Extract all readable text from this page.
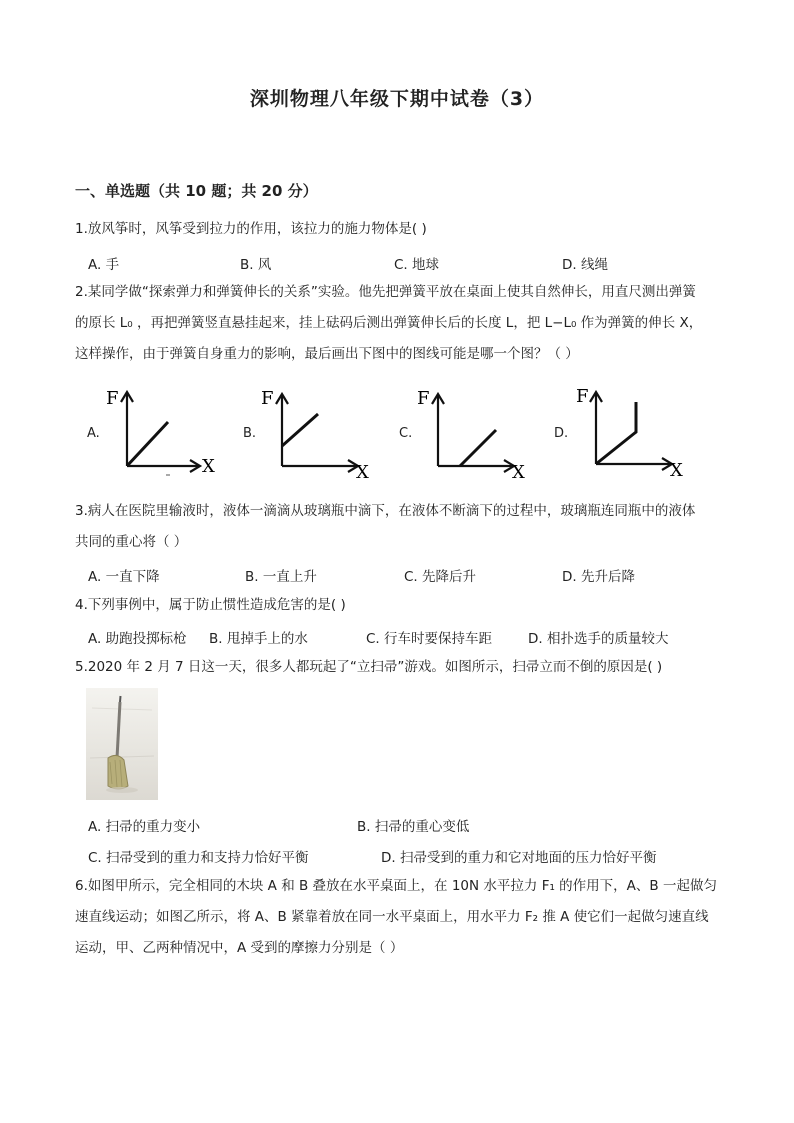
深圳物理八年级下期中试卷（3）
一、单选题（共 10 题；共 20 分）
1.放风筝时，风筝受到拉力的作用，该拉力的施力物体是( )
A. 手	B. 风	C. 地球	D. 线绳
2.某同学做“探索弹力和弹簧伸长的关系”实验。他先把弹簧平放在桌面上使其自然伸长，用直尺测出弹簧
的原长 L₀ ，再把弹簧竖直悬挂起来，挂上砝码后测出弹簧伸长后的长度 L，把 L−L₀ 作为弹簧的伸长 X，
这样操作，由于弹簧自身重力的影响，最后画出下图中的图线可能是哪一个图？（ ）
A.	B.	C.	D.
F
X
F
X
F
X
F
X
3.病人在医院里输液时，液体一滴滴从玻璃瓶中滴下，在液体不断滴下的过程中，玻璃瓶连同瓶中的液体
共同的重心将（ ）
A. 一直下降	B. 一直上升	C. 先降后升	D. 先升后降
4.下列事例中，属于防止惯性造成危害的是( )
A. 助跑投掷标枪 B. 甩掉手上的水	C. 行车时要保持车距	D. 相扑选手的质量较大
5.2020 年 2 月 7 日这一天，很多人都玩起了“立扫帚”游戏。如图所示，扫帚立而不倒的原因是( )
A. 扫帚的重力变小	B. 扫帚的重心变低
C. 扫帚受到的重力和支持力恰好平衡	D. 扫帚受到的重力和它对地面的压力恰好平衡
6.如图甲所示，完全相同的木块 A 和 B 叠放在水平桌面上，在 10N 水平拉力 F₁ 的作用下，A、B 一起做匀
速直线运动；如图乙所示，将 A、B 紧靠着放在同一水平桌面上，用水平力 F₂ 推 A 使它们一起做匀速直线
运动，甲、乙两种情况中，A 受到的摩擦力分别是（ ）
